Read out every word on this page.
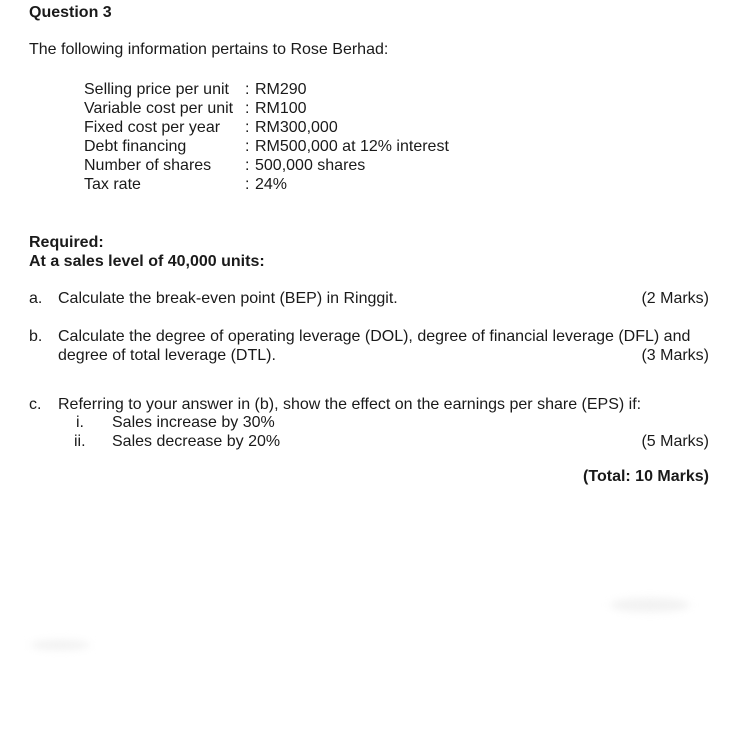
Question 3
The following information pertains to Rose Berhad:
Selling price per unit	: RM290
Variable cost per unit : RM100
Fixed cost per year	: RM300,000
Debt financing	: RM500,000 at 12% interest
Number of shares	: 500,000 shares
Tax rate	: 24%
Required:
At a sales level of 40,000 units:
a. Calculate the break-even point (BEP) in Ringgit.	(2 Marks)
b. Calculate the degree of operating leverage (DOL), degree of financial leverage (DFL) and
degree of total leverage (DTL).	(3 Marks)
c.	Referring to your answer in (b), show the effect on the earnings per share (EPS) if:
i. Sales increase by 30%
ii. Sales decrease by 20%	(5 Marks)
(Total: 10 Marks)
